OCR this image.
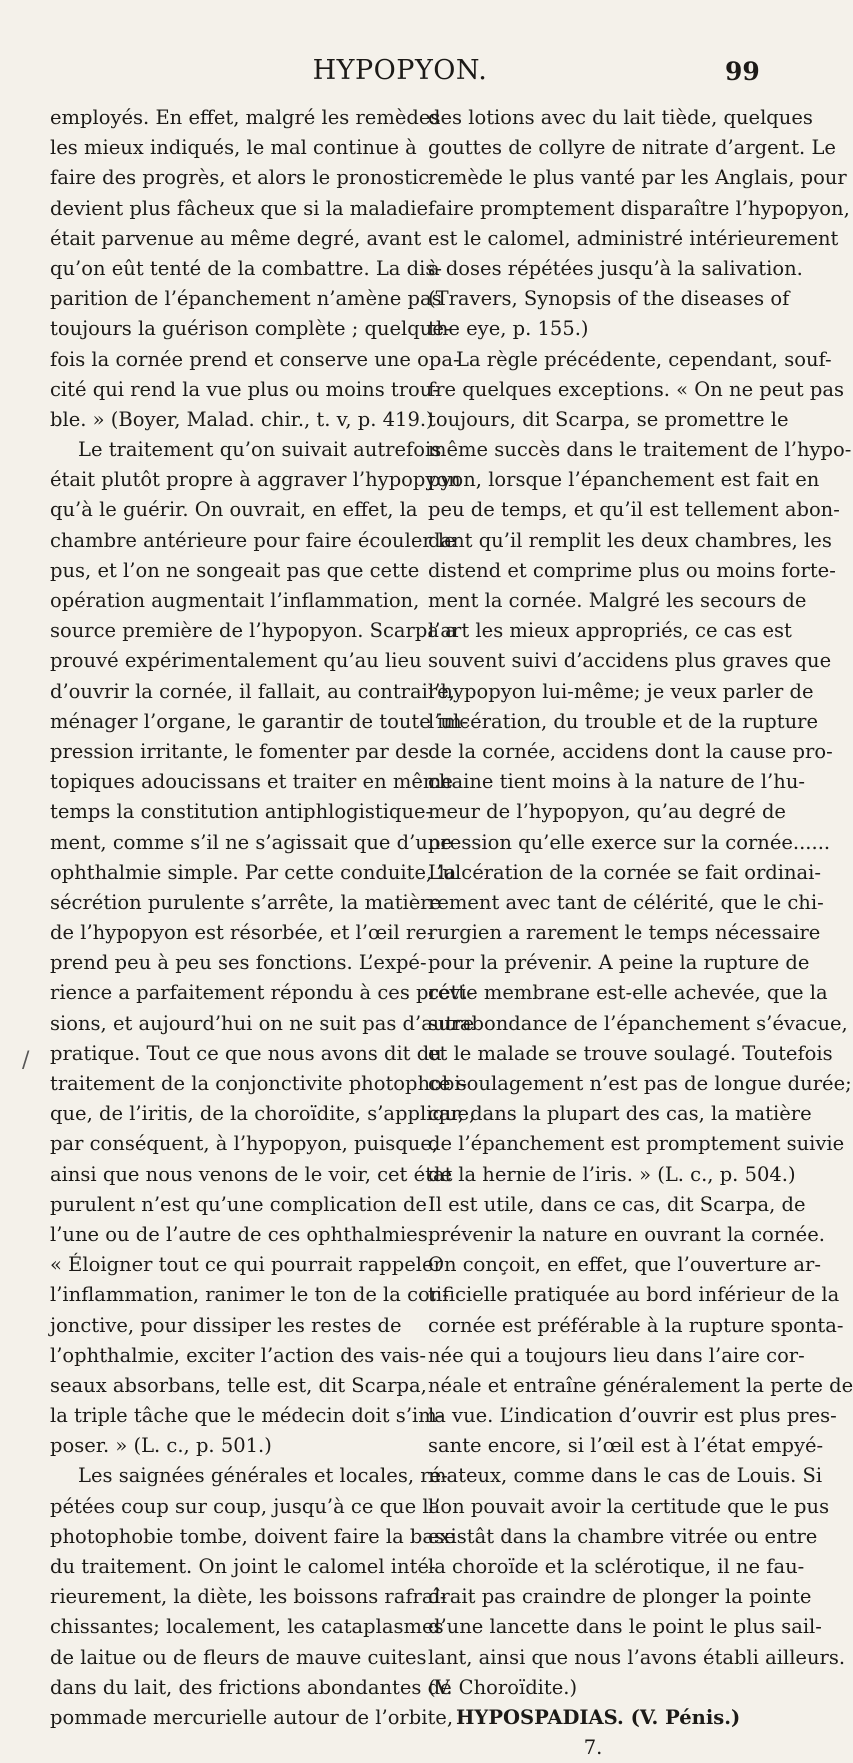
HYPOPYON.	99
/
employés. En effet, malgré les remèdes
les mieux indiqués, le mal continue à
faire des progrès, et alors le pronostic
devient plus fâcheux que si la maladie
était parvenue au même degré, avant
qu’on eût tenté de la combattre. La dis-
parition de l’épanchement n’amène pas
toujours la guérison complète ; quelque-
fois la cornée prend et conserve une opa-
cité qui rend la vue plus ou moins trou-
ble. » (Boyer, Malad. chir., t. v, p. 419.)
Le traitement qu’on suivait autrefois
était plutôt propre à aggraver l’hypopyon
qu’à le guérir. On ouvrait, en effet, la
chambre antérieure pour faire écouler le
pus, et l’on ne songeait pas que cette
opération augmentait l’inflammation,
source première de l’hypopyon. Scarpa a
prouvé expérimentalement qu’au lieu
d’ouvrir la cornée, il fallait, au contraire,
ménager l’organe, le garantir de toute im-
pression irritante, le fomenter par des
topiques adoucissans et traiter en même
temps la constitution antiphlogistique-
ment, comme s’il ne s’agissait que d’une
ophthalmie simple. Par cette conduite, la
sécrétion purulente s’arrête, la matière
de l’hypopyon est résorbée, et l’œil re-
prend peu à peu ses fonctions. L’expé-
rience a parfaitement répondu à ces prévi-
sions, et aujourd’hui on ne suit pas d’autre
pratique. Tout ce que nous avons dit du
traitement de la conjonctivite photophobi-
que, de l’iritis, de la choroïdite, s’applique,
par conséquent, à l’hypopyon, puisque,
ainsi que nous venons de le voir, cet état
purulent n’est qu’une complication de
l’une ou de l’autre de ces ophthalmies.
« Éloigner tout ce qui pourrait rappeler
l’inflammation, ranimer le ton de la con-
jonctive, pour dissiper les restes de
l’ophthalmie, exciter l’action des vais-
seaux absorbans, telle est, dit Scarpa,
la triple tâche que le médecin doit s’im-
poser. » (L. c., p. 501.)
Les saignées générales et locales, ré-
pétées coup sur coup, jusqu’à ce que la
photophobie tombe, doivent faire la base
du traitement. On joint le calomel inté-
rieurement, la diète, les boissons rafraî-
chissantes; localement, les cataplasmes
de laitue ou de fleurs de mauve cuites
dans du lait, des frictions abondantes de
pommade mercurielle autour de l’orbite,
des lotions avec du lait tiède, quelques
gouttes de collyre de nitrate d’argent. Le
remède le plus vanté par les Anglais, pour
faire promptement disparaître l’hypopyon,
est le calomel, administré intérieurement
à doses répétées jusqu’à la salivation.
(Travers, Synopsis of the diseases of
the eye, p. 155.)
La règle précédente, cependant, souf-
fre quelques exceptions. « On ne peut pas
toujours, dit Scarpa, se promettre le
même succès dans le traitement de l’hypo-
pyon, lorsque l’épanchement est fait en
peu de temps, et qu’il est tellement abon-
dant qu’il remplit les deux chambres, les
distend et comprime plus ou moins forte-
ment la cornée. Malgré les secours de
l’art les mieux appropriés, ce cas est
souvent suivi d’accidens plus graves que
l’hypopyon lui-même; je veux parler de
l’ulcération, du trouble et de la rupture
de la cornée, accidens dont la cause pro-
chaine tient moins à la nature de l’hu-
meur de l’hypopyon, qu’au degré de
pression qu’elle exerce sur la cornée......
L’ulcération de la cornée se fait ordinai-
rement avec tant de célérité, que le chi-
rurgien a rarement le temps nécessaire
pour la prévenir. A peine la rupture de
cette membrane est-elle achevée, que la
surabondance de l’épanchement s’évacue,
et le malade se trouve soulagé. Toutefois
ce soulagement n’est pas de longue durée;
car, dans la plupart des cas, la matière
de l’épanchement est promptement suivie
de la hernie de l’iris. » (L. c., p. 504.)
Il est utile, dans ce cas, dit Scarpa, de
prévenir la nature en ouvrant la cornée.
On conçoit, en effet, que l’ouverture ar-
tificielle pratiquée au bord inférieur de la
cornée est préférable à la rupture sponta-
née qui a toujours lieu dans l’aire cor-
néale et entraîne généralement la perte de
la vue. L’indication d’ouvrir est plus pres-
sante encore, si l’œil est à l’état empyé-
mateux, comme dans le cas de Louis. Si
l’on pouvait avoir la certitude que le pus
existât dans la chambre vitrée ou entre
la choroïde et la sclérotique, il ne fau-
drait pas craindre de plonger la pointe
d’une lancette dans le point le plus sail-
lant, ainsi que nous l’avons établi ailleurs.
(V. Choroïdite.)
HYPOSPADIAS. (V. Pénis.)
7.
